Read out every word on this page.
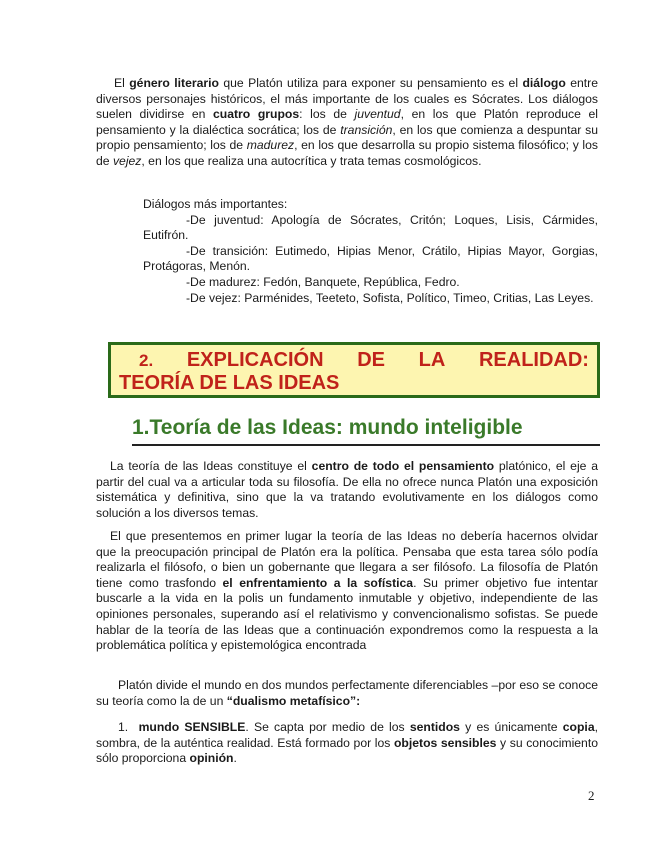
El género literario que Platón utiliza para exponer su pensamiento es el diálogo entre diversos personajes históricos, el más importante de los cuales es Sócrates. Los diálogos suelen dividirse en cuatro grupos: los de juventud, en los que Platón reproduce el pensamiento y la dialéctica socrática; los de transición, en los que comienza a despuntar su propio pensamiento; los de madurez, en los que desarrolla su propio sistema filosófico; y los de vejez, en los que realiza una autocrítica y trata temas cosmológicos.

Diálogos más importantes:

-De juventud: Apología de Sócrates, Critón; Loques, Lisis, Cármides, Eutifrón.

-De transición: Eutimedo, Hipias Menor, Crátilo, Hipias Mayor, Gorgias, Protágoras, Menón.

-De madurez: Fedón, Banquete, República, Fedro.

-De vejez: Parménides, Teeteto, Sofista, Político, Timeo, Critias, Las Leyes.

2. EXPLICACIÓN DE LA REALIDAD:
TEORÍA DE LAS IDEAS
1.Teoría de las Ideas: mundo inteligible

La teoría de las Ideas constituye el centro de todo el pensamiento platónico, el eje a partir del cual va a articular toda su filosofía. De ella no ofrece nunca Platón una exposición sistemática y definitiva, sino que la va tratando evolutivamente en los diálogos como solución a los diversos temas.

El que presentemos en primer lugar la teoría de las Ideas no debería hacernos olvidar que la preocupación principal de Platón era la política. Pensaba que esta tarea sólo podía realizarla el filósofo, o bien un gobernante que llegara a ser filósofo. La filosofía de Platón tiene como trasfondo el enfrentamiento a la sofística. Su primer objetivo fue intentar buscarle a la vida en la polis un fundamento inmutable y objetivo, independiente de las opiniones personales, superando así el relativismo y convencionalismo sofistas. Se puede hablar de la teoría de las Ideas que a continuación expondremos como la respuesta a la problemática política y epistemológica encontrada

Platón divide el mundo en dos mundos perfectamente diferenciables –por eso se conoce su teoría como la de un “dualismo metafísico”:

1. mundo SENSIBLE. Se capta por medio de los sentidos y es únicamente copia, sombra, de la auténtica realidad. Está formado por los objetos sensibles y su conocimiento sólo proporciona opinión.

2
